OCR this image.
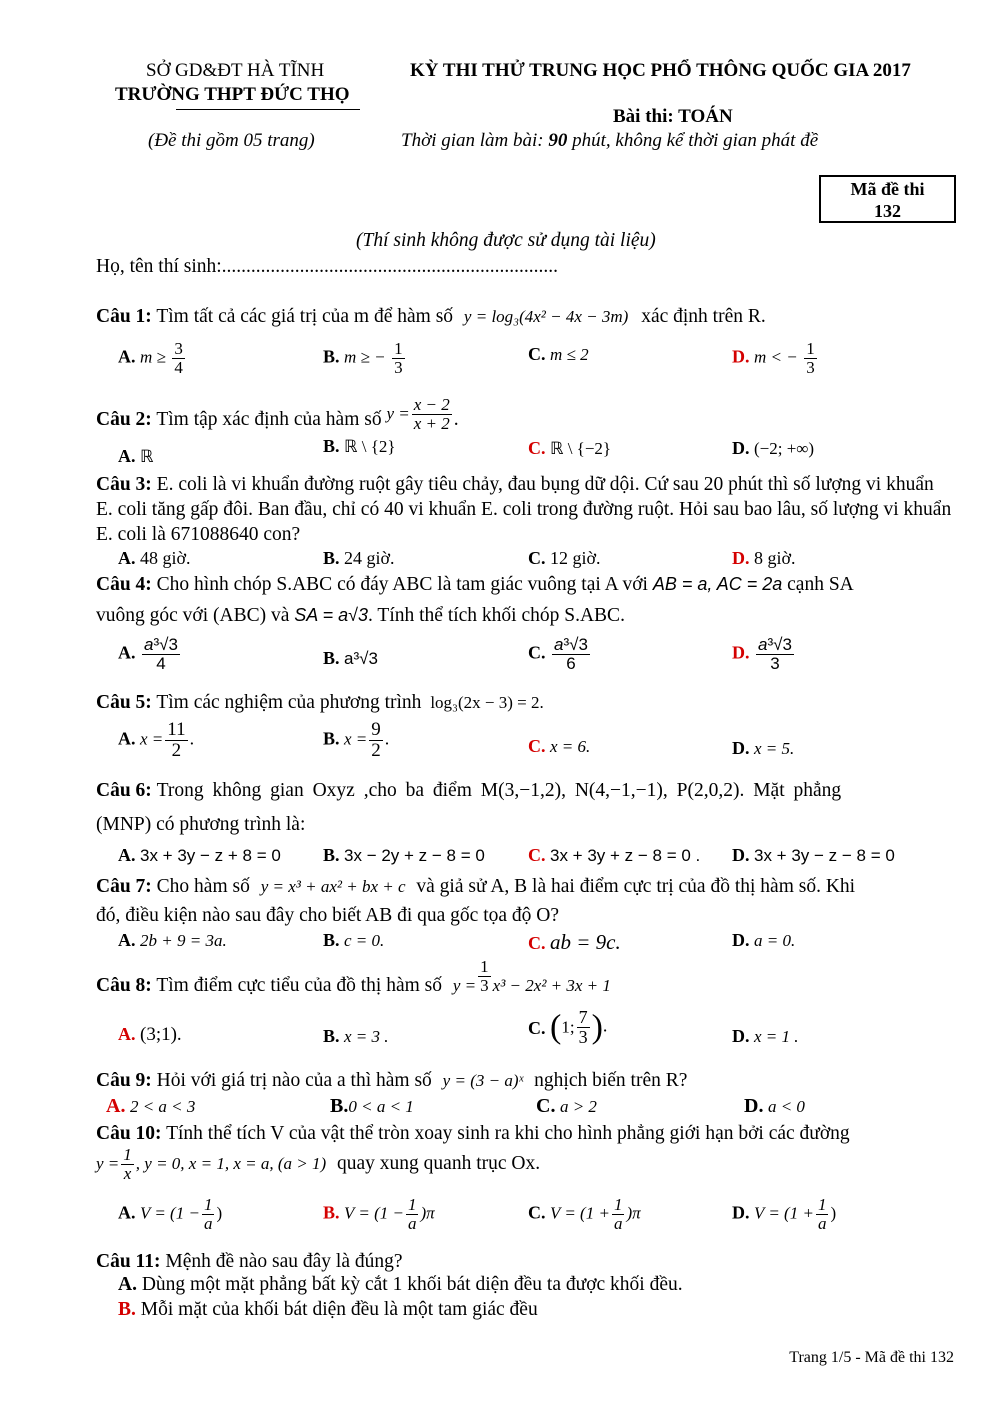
SỞ GD&ĐT HÀ TĨNH
TRƯỜNG THPT ĐỨC THỌ
(Đề thi gồm 05 trang)
KỲ THI THỬ TRUNG HỌC PHỔ THÔNG QUỐC GIA 2017
Bài thi: TOÁN
Thời gian làm bài: 90 phút, không kể thời gian phát đề
Mã đề thi
132
(Thí sinh không được sử dụng tài liệu)
Họ, tên thí sinh:.....................................................................
Câu 1: Tìm tất cả các giá trị của m để hàm số y = log₃(4x² − 4x − 3m) xác định trên R.
A. $m \ge \frac{3}{4}$	B. m ≥ − $\frac{1}{3}$	C. m ≤ 2	D. m < − $\frac{1}{3}$
Câu 2: Tìm tập xác định của hàm số $y = \frac{x - 2}{x + 2}$ .
A. ℝ
B. ℝ \ {2}	C. ℝ \ {−2}	D. (−2; +∞)
Câu 3: E. coli là vi khuẩn đường ruột gây tiêu chảy, đau bụng dữ dội. Cứ sau 20 phút thì số lượng vi khuẩn E. coli tăng gấp đôi. Ban đầu, chỉ có 40 vi khuẩn E. coli trong đường ruột. Hỏi sau bao lâu, số lượng vi khuẩn E. coli là 671088640 con?
A. 48 giờ.	B. 24 giờ.	C. 12 giờ.	D. 8 giờ.
Câu 4: Cho hình chóp S.ABC có đáy ABC là tam giác vuông tại A với AB = a, AC = 2a cạnh SA
vuông góc với (ABC) và SA = a√3. Tính thể tích khối chóp S.ABC.
A. $\frac{\text{a³√3}}{4}$	B. a³√3	C. $\frac{\text{a³√3}}{6}$	D. $\frac{\text{a³√3}}{3}$
Câu 5: Tìm các nghiệm của phương trình log₃(2x − 3) = 2.
A. $x = \frac{11}{2}$ .	B. $x = \frac{9}{2}$ .	C. x = 6.	D. x = 5.
Câu 6: Trong không gian Oxyz ,cho ba điểm M(3,−1,2), N(4,−1,−1), P(2,0,2). Mặt phẳng
(MNP) có phương trình là:
A. 3x + 3y − z + 8 = 0 B. 3x − 2y + z − 8 = 0 C. 3x + 3y + z − 8 = 0 . D. 3x + 3y − z − 8 = 0
Câu 7: Cho hàm số y = x³ + ax² + bx + c và giả sử A, B là hai điểm cực trị của đồ thị hàm số. Khi
đó, điều kiện nào sau đây cho biết AB đi qua gốc tọa độ O?
A. 2b + 9 = 3a.	B. c = 0.	C. ab = 9c.	D. a = 0.
Câu 8: Tìm điểm cực tiểu của đồ thị hàm số $y = \frac{1}{3} x^3 - 2x^2 + 3x + 1$
A. (3;1).	B. x = 3 .	C. (1; $\frac{7}{3}$ ).
D. x = 1 .
Câu 9: Hỏi với giá trị nào của a thì hàm số y = (3 − a)ˣ nghịch biến trên R?
A. 2 < a < 3	B.0 < a < 1	C. a > 2	D. a < 0
Câu 10: Tính thể tích V của vật thể tròn xoay sinh ra khi cho hình phẳng giới hạn bởi các đường
$y = \frac{1}{x}$ , y = 0, x = 1, x = a, (a > 1) quay xung quanh trục Ox.
A. $V = (1 - \frac{1}{a}$ )	B. $V = (1 - \frac{1}{a} )\pi$	C. $V = (1 + \frac{1}{a} )\pi$	D. $V = (1 + \frac{1}{a}$ )
Câu 11: Mệnh đề nào sau đây là đúng?
A. Dùng một mặt phẳng bất kỳ cắt 1 khối bát diện đều ta được khối đều.
B. Mỗi mặt của khối bát diện đều là một tam giác đều
Trang 1/5 - Mã đề thi 132
